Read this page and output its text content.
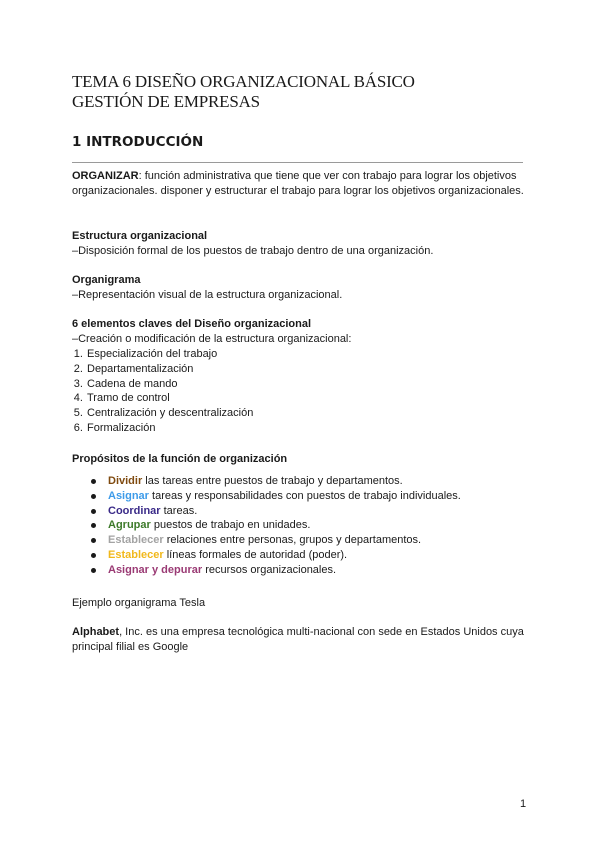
TEMA 6 DISEÑO ORGANIZACIONAL BÁSICO
GESTIÓN DE EMPRESAS
1 INTRODUCCIÓN
ORGANIZAR: función administrativa que tiene que ver con trabajo para lograr los objetivos organizacionales. disponer y estructurar el trabajo para lograr los objetivos organizacionales.
Estructura organizacional
–Disposición formal de los puestos de trabajo dentro de una organización.
Organigrama
–Representación visual de la estructura organizacional.
6 elementos claves del Diseño organizacional
–Creación o modificación de la estructura organizacional:
1. Especialización del trabajo
2. Departamentalización
3. Cadena de mando
4. Tramo de control
5. Centralización y descentralización
6. Formalización
Propósitos de la función de organización
Dividir las tareas entre puestos de trabajo y departamentos.
Asignar tareas y responsabilidades con puestos de trabajo individuales.
Coordinar tareas.
Agrupar puestos de trabajo en unidades.
Establecer relaciones entre personas, grupos y departamentos.
Establecer líneas formales de autoridad (poder).
Asignar y depurar recursos organizacionales.
Ejemplo organigrama Tesla
Alphabet, Inc. es una empresa tecnológica multi-nacional con sede en Estados Unidos cuya principal filial es Google
1
